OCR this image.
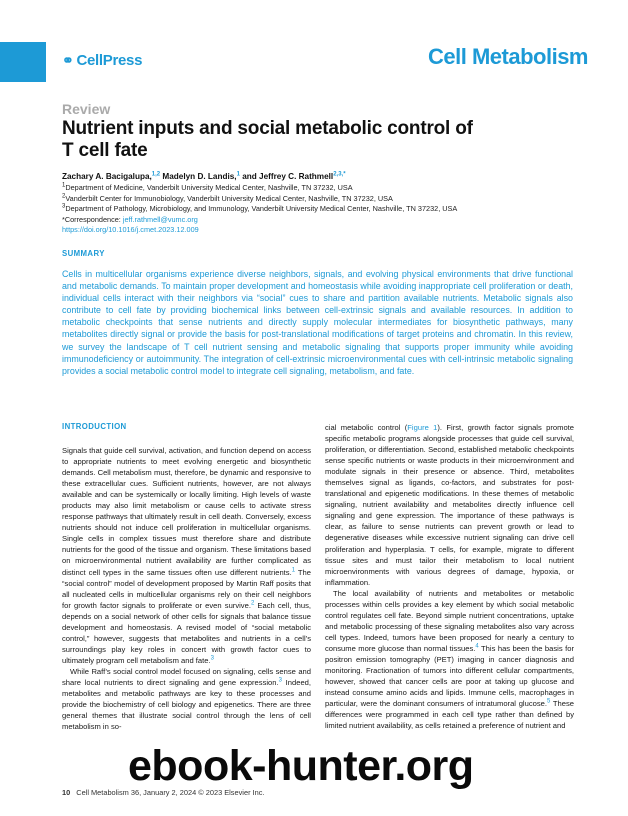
⚭ CellPress	Cell Metabolism
Review
Nutrient inputs and social metabolic control of T cell fate
Zachary A. Bacigalupa,$^{1,2}$ Madelyn D. Landis,$^1$ and Jeffrey C. Rathmell$^{2,3,*}$
$^1$Department of Medicine, Vanderbilt University Medical Center, Nashville, TN 37232, USA
$^2$Vanderbilt Center for Immunobiology, Vanderbilt University Medical Center, Nashville, TN 37232, USA
$^3$Department of Pathology, Microbiology, and Immunology, Vanderbilt University Medical Center, Nashville, TN 37232, USA
*Correspondence: jeff.rathmell@vumc.org
https://doi.org/10.1016/j.cmet.2023.12.009
SUMMARY
Cells in multicellular organisms experience diverse neighbors, signals, and evolving physical environments that drive functional and metabolic demands. To maintain proper development and homeostasis while avoiding inappropriate cell proliferation or death, individual cells interact with their neighbors via “social” cues to share and partition available nutrients. Metabolic signals also contribute to cell fate by providing biochemical links between cell-extrinsic signals and available resources. In addition to metabolic checkpoints that sense nutrients and directly supply molecular intermediates for biosynthetic pathways, many metabolites directly signal or provide the basis for post-translational modifications of target proteins and chromatin. In this review, we survey the landscape of T cell nutrient sensing and metabolic signaling that supports proper immunity while avoiding immunodeficiency or autoimmunity. The integration of cell-extrinsic microenvironmental cues with cell-intrinsic metabolic signaling provides a social metabolic control model to integrate cell signaling, metabolism, and fate.
INTRODUCTION

Signals that guide cell survival, activation, and function depend on access to appropriate nutrients to meet evolving energetic and biosynthetic demands. Cell metabolism must, therefore, be dynamic and responsive to these extracellular cues. Sufficient nutrients, however, are not always available and can be systemically or locally limiting. High levels of waste products may also limit metabolism or cause cells to activate stress response pathways that ultimately result in cell death. Conversely, excess nutrients should not induce cell proliferation in multicellular organisms. Single cells in complex tissues must therefore share and distribute nutrients for the good of the tissue and organism. These limitations based on microenvironmental nutrient availability are further complicated as distinct cell types in the same tissues often use different nutrients.$^1$ The “social control” model of development proposed by Martin Raff posits that all nucleated cells in multicellular organisms rely on their cell neighbors for growth factor signals to proliferate or even survive.$^2$ Each cell, thus, depends on a social network of other cells for signals that balance tissue development and homeostasis. A revised model of “social metabolic control,” however, suggests that metabolites and nutrients in a cell’s surroundings play key roles in concert with growth factor cues to ultimately program cell metabolism and fate.$^3$

While Raff’s social control model focused on signaling, cells sense and share local nutrients to direct signaling and gene expression.$^3$ Indeed, metabolites and metabolic pathways are key to these processes and provide the biochemistry of cell biology and epigenetics. There are three general themes that illustrate social control through the lens of cell metabolism in so-

cial metabolic control (Figure 1). First, growth factor signals promote specific metabolic programs alongside processes that guide cell survival, proliferation, or differentiation. Second, established metabolic checkpoints sense specific nutrients or waste products in their microenvironment and modulate signals in their presence or absence. Third, metabolites themselves signal as ligands, co-factors, and substrates for post-translational and epigenetic modifications. In these themes of metabolic signaling, nutrient availability and metabolites directly influence cell signaling and gene expression. The importance of these pathways is clear, as failure to sense nutrients can prevent growth or lead to degenerative diseases while excessive nutrient signaling can drive cell proliferation and hyperplasia. T cells, for example, migrate to different tissue sites and must tailor their metabolism to local nutrient microenvironments with various degrees of damage, hypoxia, or inflammation.

The local availability of nutrients and metabolites or metabolic processes within cells provides a key element by which social metabolic control regulates cell fate. Beyond simple nutrient concentrations, uptake and metabolic processing of these signaling metabolites also vary across cell types. Indeed, tumors have been proposed for nearly a century to consume more glucose than normal tissues.$^4$ This has been the basis for positron emission tomography (PET) imaging in cancer diagnosis and monitoring. Fractionation of tumors into different cellular compartments, however, showed that cancer cells are poor at taking up glucose and instead consume amino acids and lipids. Immune cells, macrophages in particular, were the dominant consumers of intratumoral glucose.$^5$ These differences were programmed in each cell type rather than defined by limited nutrient availability, as cells retained a preference of nutrient and

10 Cell Metabolism 36, January 2, 2024 © 2023 Elsevier Inc.
ebook-hunter.org
